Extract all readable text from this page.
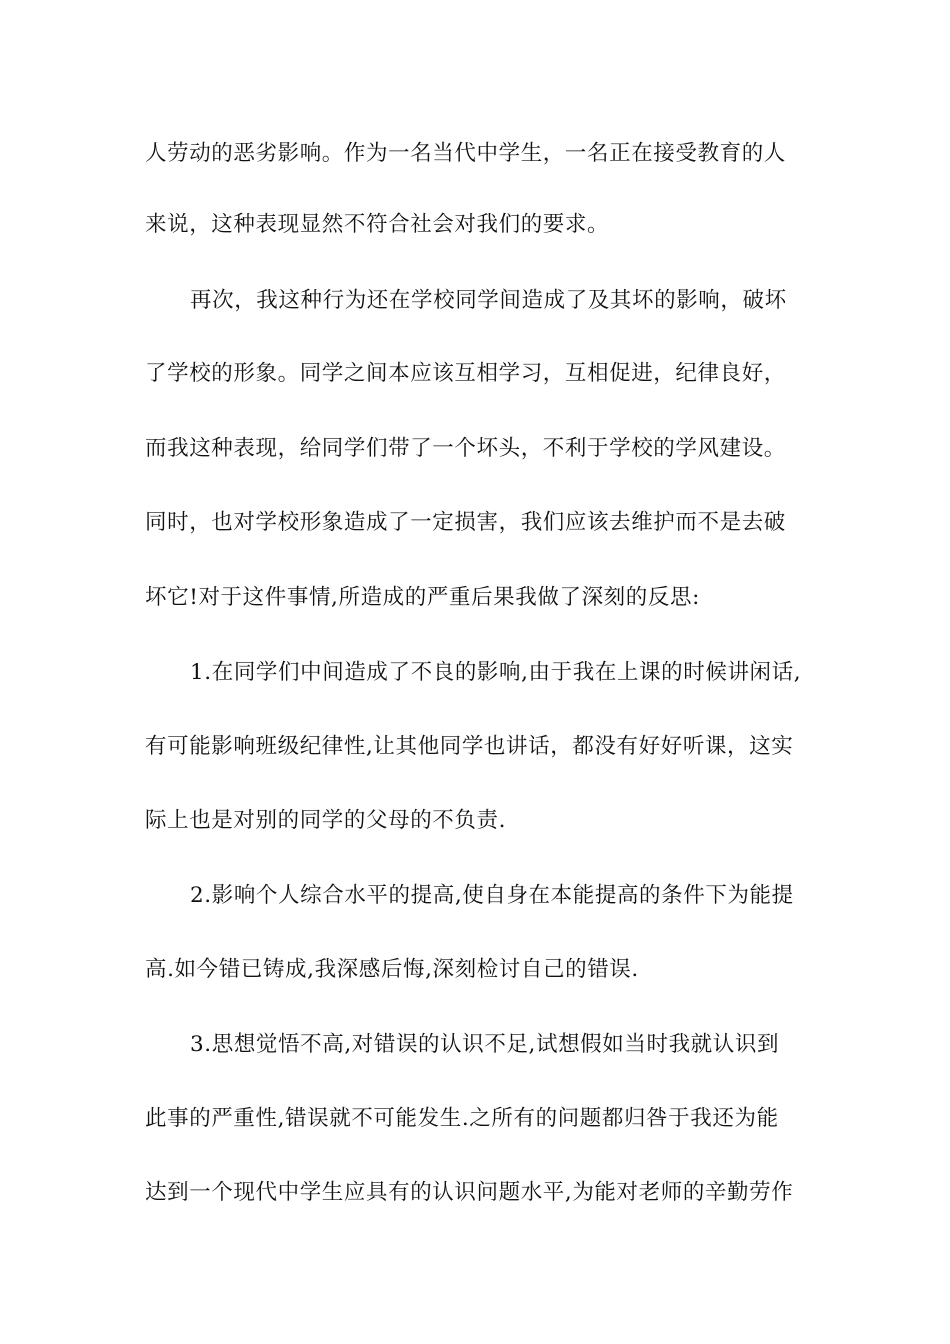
人劳动的恶劣影响。作为一名当代中学生，一名正在接受教育的人
来说，这种表现显然不符合社会对我们的要求。
再次，我这种行为还在学校同学间造成了及其坏的影响，破坏
了学校的形象。同学之间本应该互相学习，互相促进，纪律良好，
而我这种表现，给同学们带了一个坏头，不利于学校的学风建设。
同时，也对学校形象造成了一定损害，我们应该去维护而不是去破
坏它!对于这件事情,所造成的严重后果我做了深刻的反思:
1.在同学们中间造成了不良的影响,由于我在上课的时候讲闲话,
有可能影响班级纪律性,让其他同学也讲话，都没有好好听课，这实
际上也是对别的同学的父母的不负责.
2.影响个人综合水平的提高,使自身在本能提高的条件下为能提
高.如今错已铸成,我深感后悔,深刻检讨自己的错误.
3.思想觉悟不高,对错误的认识不足,试想假如当时我就认识到
此事的严重性,错误就不可能发生.之所有的问题都归咎于我还为能
达到一个现代中学生应具有的认识问题水平,为能对老师的辛勤劳作
